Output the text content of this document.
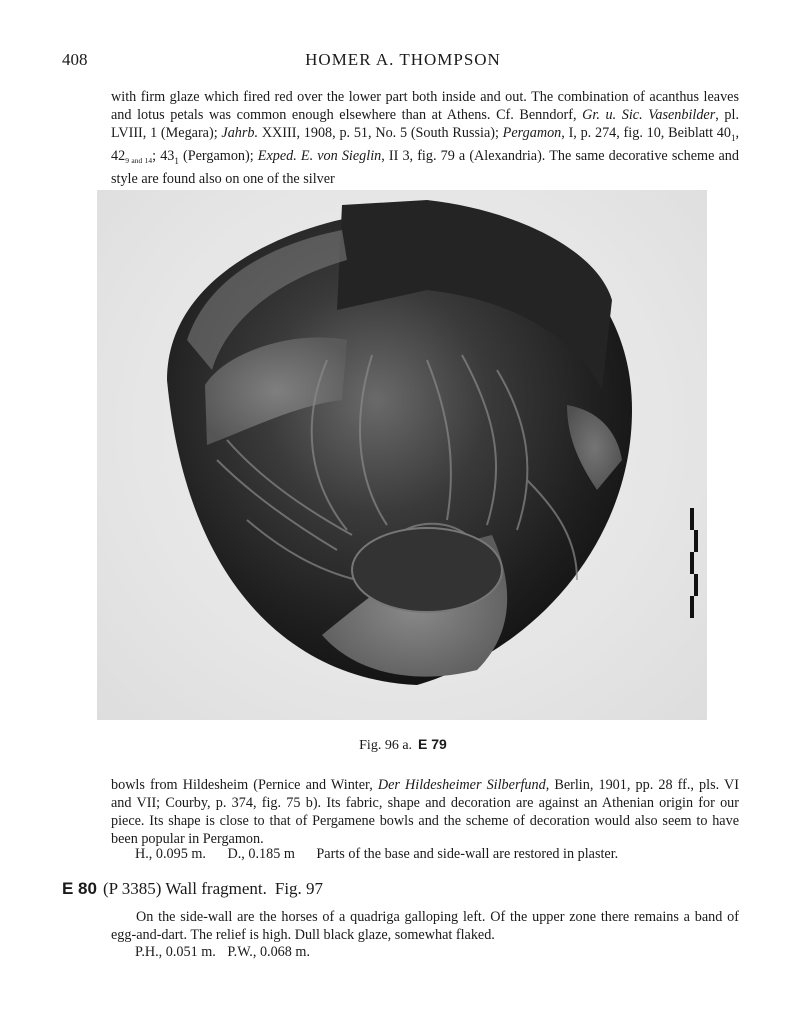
408	HOMER A. THOMPSON
with firm glaze which fired red over the lower part both inside and out. The combination of acanthus leaves and lotus petals was common enough elsewhere than at Athens. Cf. Benndorf, Gr. u. Sic. Vasenbilder, pl. LVIII, 1 (Megara); Jahrb. XXIII, 1908, p. 51, No. 5 (South Russia); Pergamon, I, p. 274, fig. 10, Beiblatt $40_1$, $42_{9 and 14}$; $43_1$ (Pergamon); Exped. E. von Sieglin, II 3, fig. 79 a (Alexandria). The same decorative scheme and style are found also on one of the silver
Fig. 96 a. E 79
bowls from Hildesheim (Pernice and Winter, Der Hildesheimer Silberfund, Berlin, 1901, pp. 28 ff., pls. VI and VII; Courby, p. 374, fig. 75 b). Its fabric, shape and decoration are against an Athenian origin for our piece. Its shape is close to that of Pergamene bowls and the scheme of decoration would also seem to have been popular in Pergamon.
H., 0.095 m. D., 0.185 m Parts of the base and side-wall are restored in plaster.
E 80 (P 3385) Wall fragment. Fig. 97
On the side-wall are the horses of a quadriga galloping left. Of the upper zone there remains a band of egg-and-dart. The relief is high. Dull black glaze, somewhat flaked.
P.H., 0.051 m. P.W., 0.068 m.
